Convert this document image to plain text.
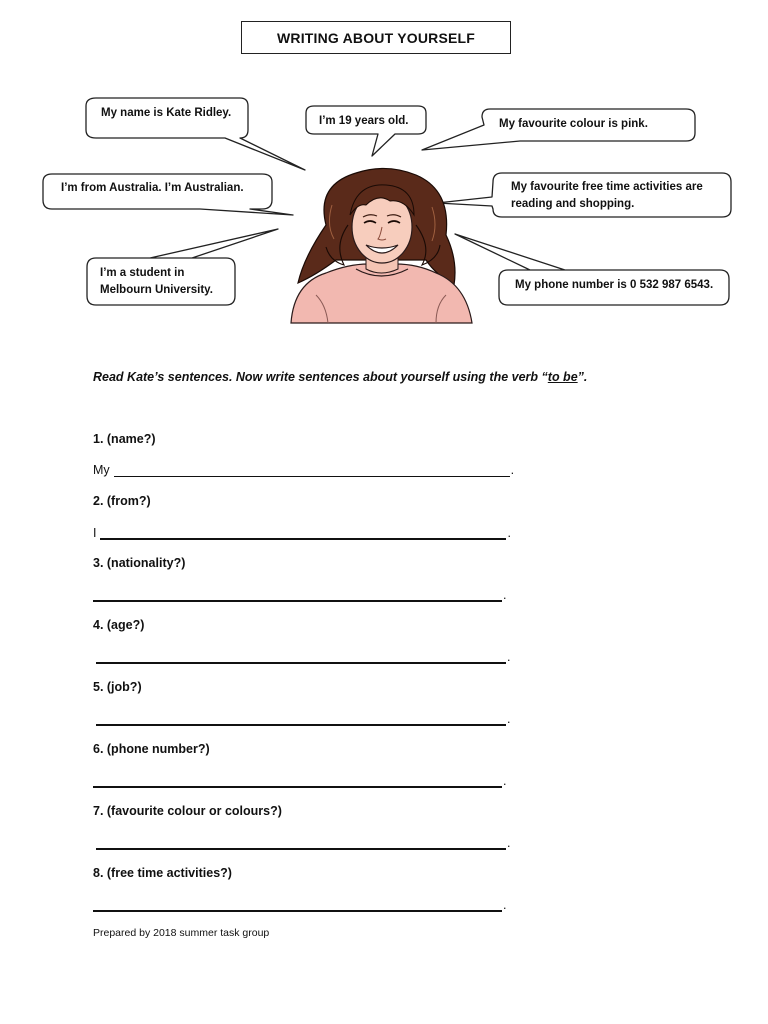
WRITING ABOUT YOURSELF
My name is Kate Ridley.
I’m 19 years old.	My favourite colour is pink.
I’m from Australia. I’m Australian.	My favourite free time activities are
reading and shopping.
I’m a student in
Melbourn University.	My phone number is 0 532 987 6543.
Read Kate’s sentences. Now write sentences about yourself using the verb “to be”.
1. (name?)
My	.
2. (from?)
I	.
3. (nationality?)
.
4. (age?)
.
5. (job?)
.
6. (phone number?)
.
7. (favourite colour or colours?)
.
8. (free time activities?)
.
Prepared by 2018 summer task group
